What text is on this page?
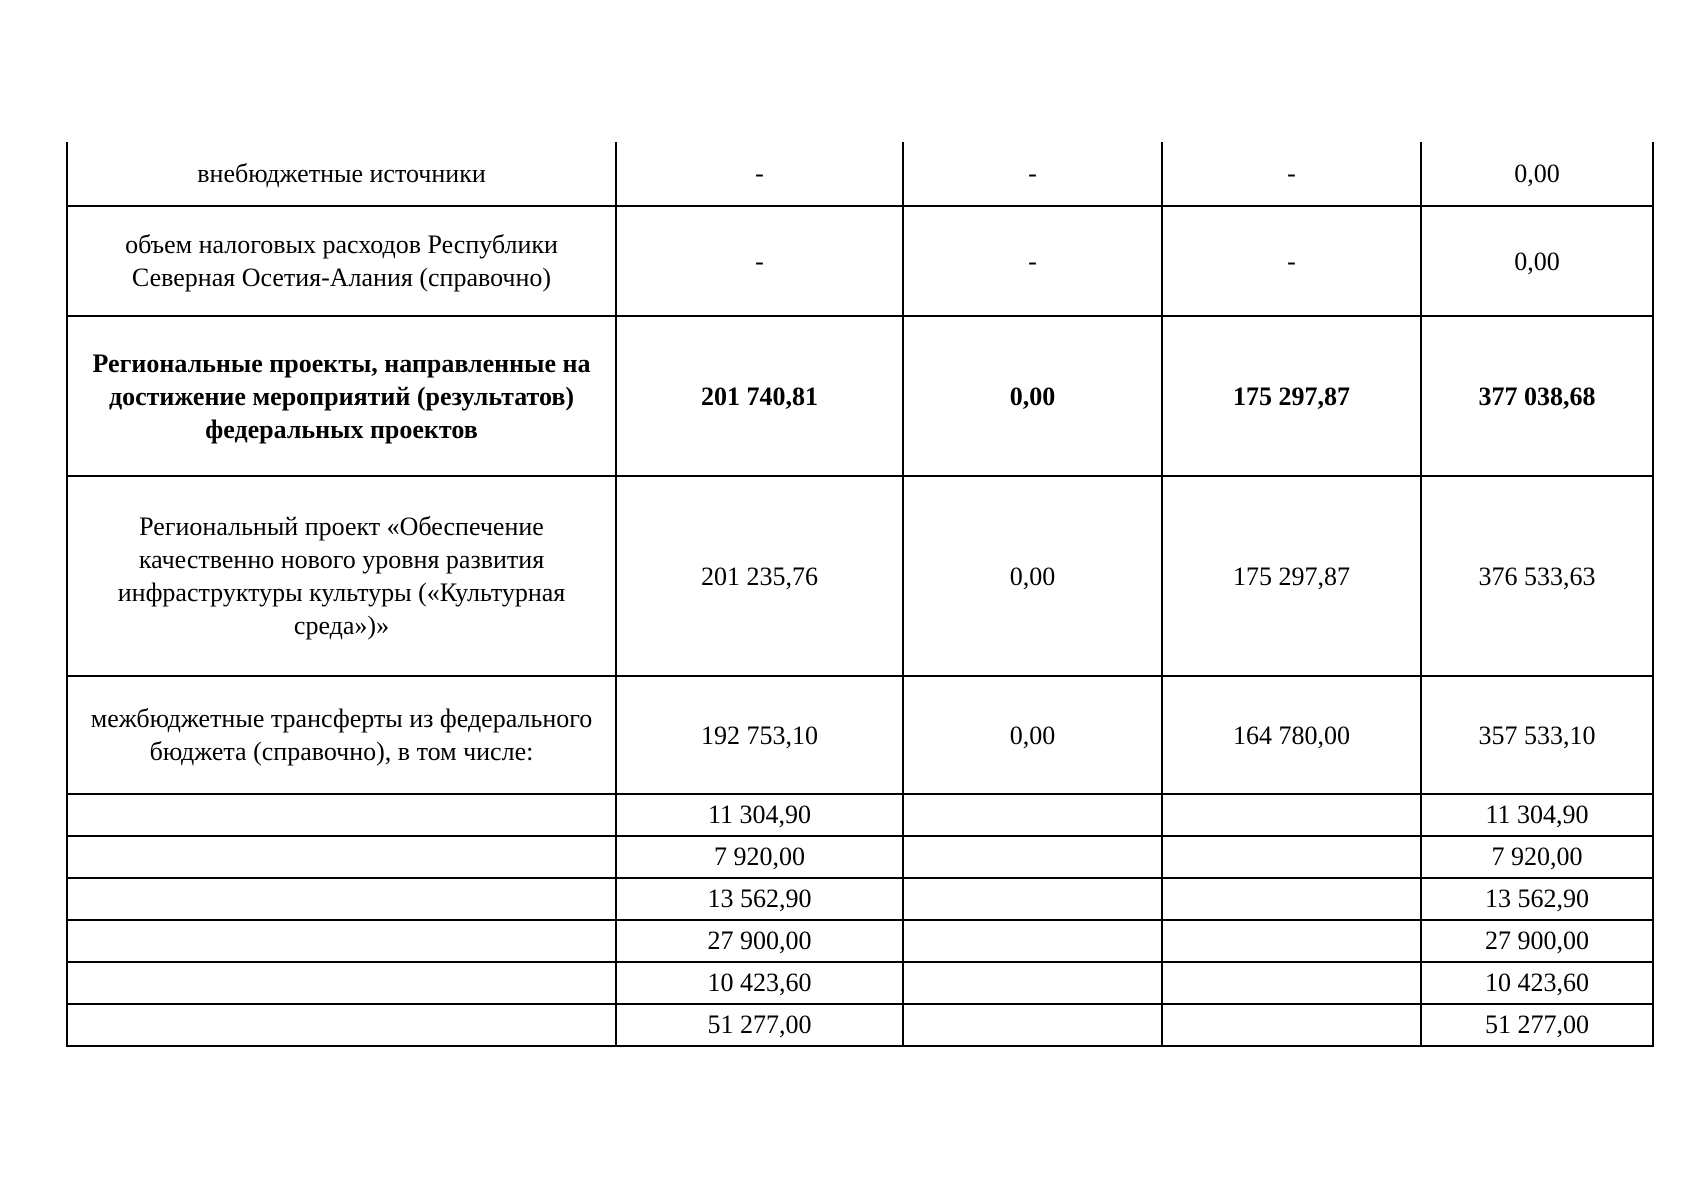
внебюджетные источники	-	-	-	0,00
объем налоговых расходов Республики Северная Осетия-Алания (справочно)	-	-	-	0,00
Региональные проекты, направленные на достижение мероприятий (результатов) федеральных проектов	201 740,81	0,00	175 297,87	377 038,68
Региональный проект «Обеспечение качественно нового уровня развития инфраструктуры культуры («Культурная среда»)»	201 235,76	0,00	175 297,87	376 533,63
межбюджетные трансферты из федерального бюджета (справочно), в том числе:	192 753,10	0,00	164 780,00	357 533,10
	11 304,90			11 304,90
	7 920,00			7 920,00
	13 562,90			13 562,90
	27 900,00			27 900,00
	10 423,60			10 423,60
	51 277,00			51 277,00
